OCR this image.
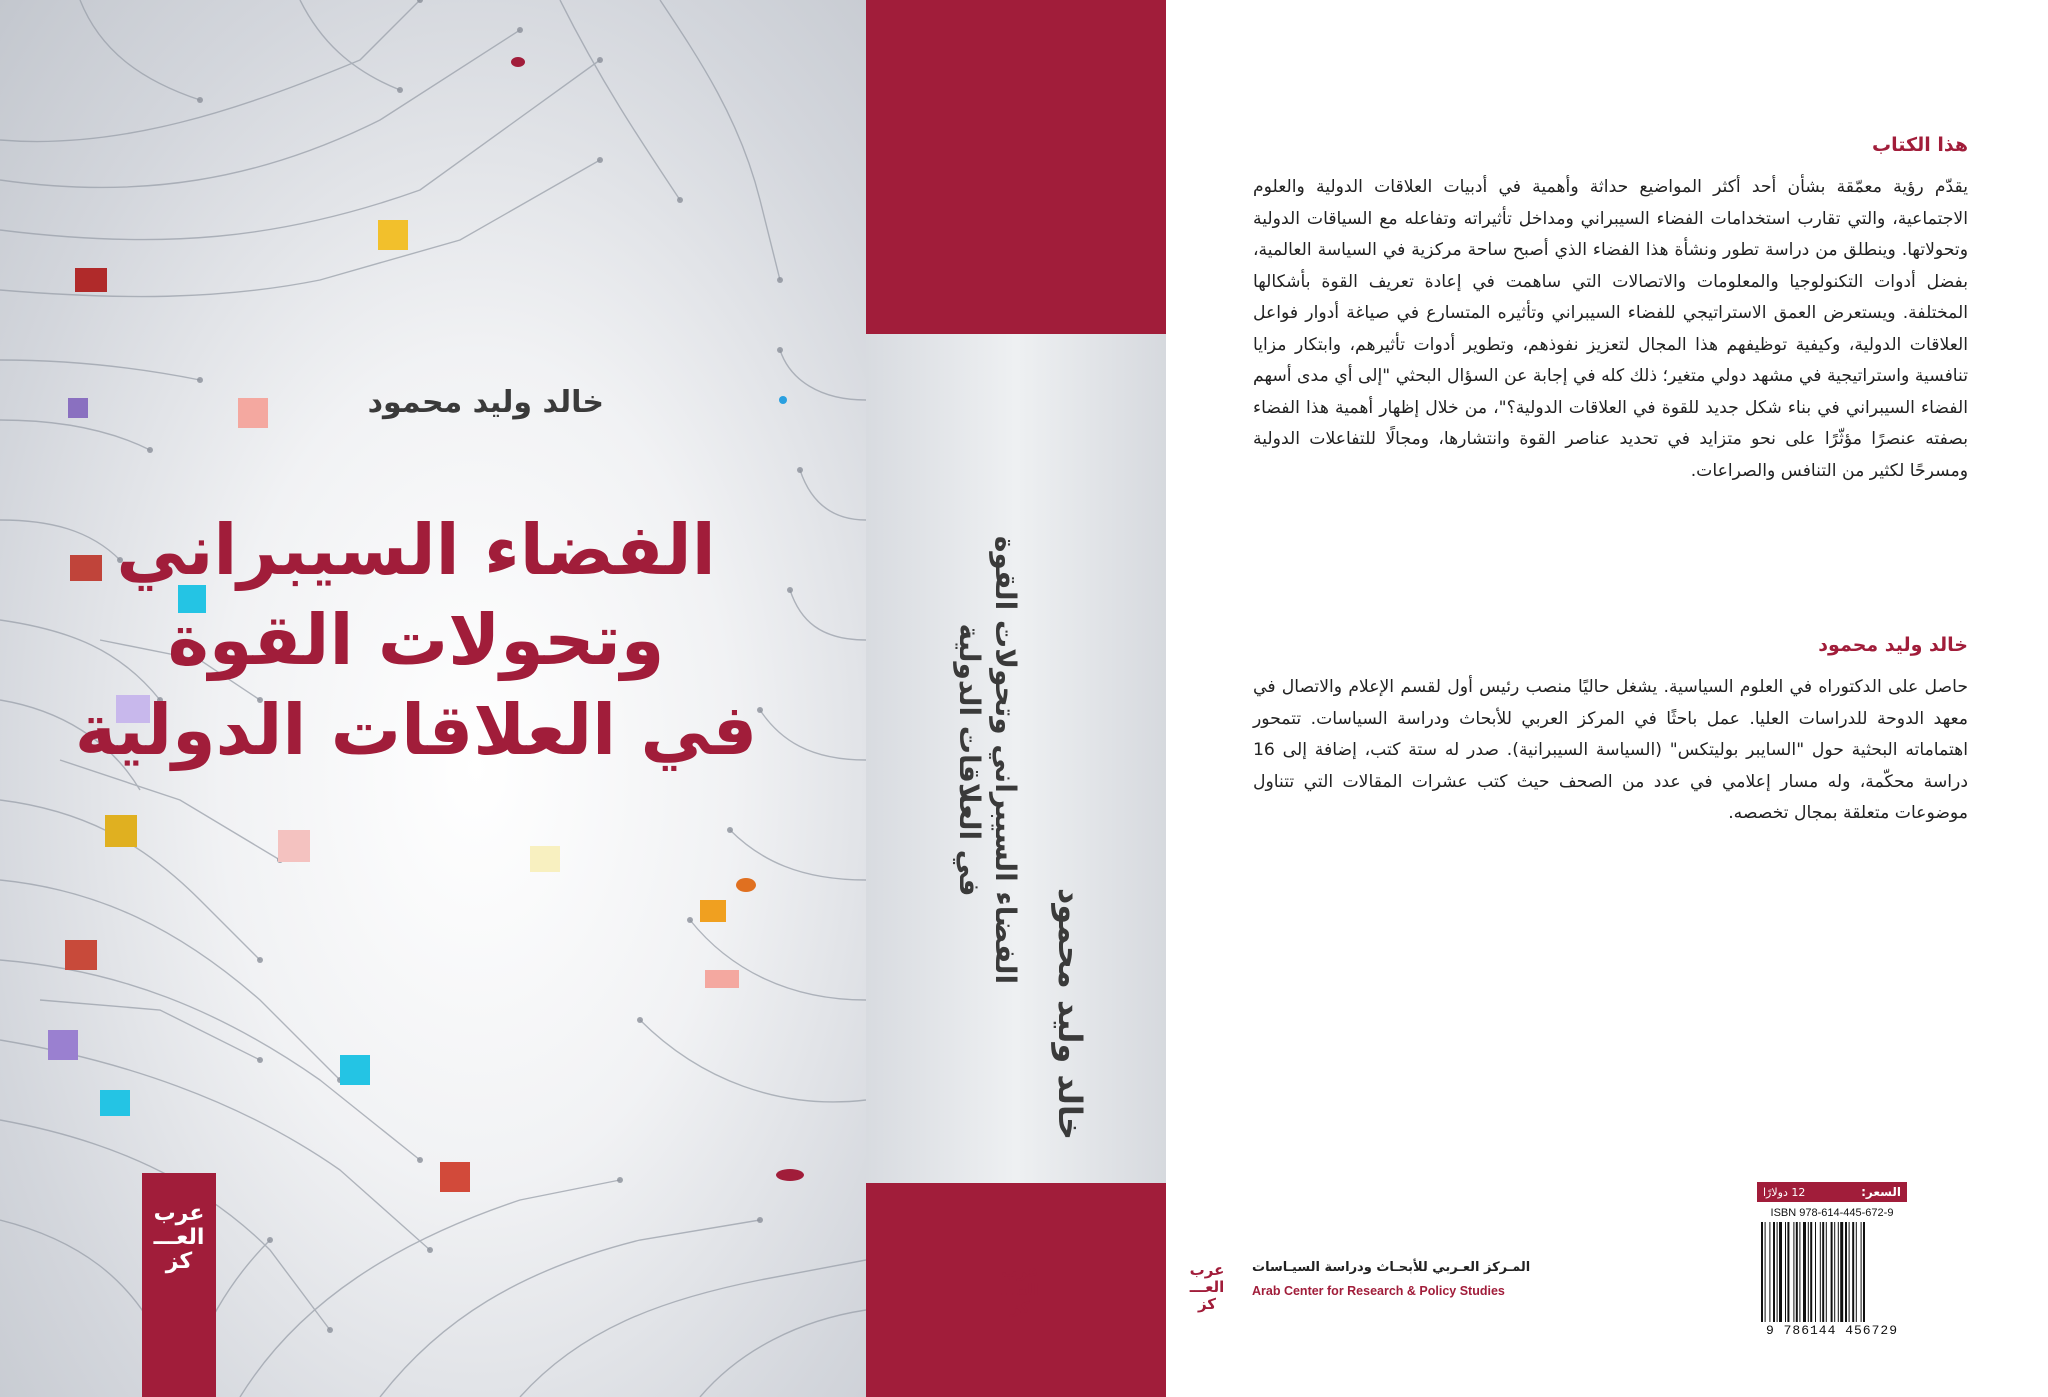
خالد وليد محمود
الفضاء السيبراني
وتحولات القوة
في العلاقات الدولية
عرب
العـــ
كز
خالد وليد محمود
الفضاء السيبراني وتحولات القوة
في العلاقات الدولية
عرب
العـــ
كز
هذا الكتاب
يقدّم رؤية معمّقة بشأن أحد أكثر المواضيع حداثة وأهمية في أدبيات العلاقات الدولية والعلوم الاجتماعية، والتي تقارب استخدامات الفضاء السيبراني ومداخل تأثيراته وتفاعله مع السياقات الدولية وتحولاتها. وينطلق من دراسة تطور ونشأة هذا الفضاء الذي أصبح ساحة مركزية في السياسة العالمية، بفضل أدوات التكنولوجيا والمعلومات والاتصالات التي ساهمت في إعادة تعريف القوة بأشكالها المختلفة. ويستعرض العمق الاستراتيجي للفضاء السيبراني وتأثيره المتسارع في صياغة أدوار فواعل العلاقات الدولية، وكيفية توظيفهم هذا المجال لتعزيز نفوذهم، وتطوير أدوات تأثيرهم، وابتكار مزايا تنافسية واستراتيجية في مشهد دولي متغير؛ ذلك كله في إجابة عن السؤال البحثي "إلى أي مدى أسهم الفضاء السيبراني في بناء شكل جديد للقوة في العلاقات الدولية؟"، من خلال إظهار أهمية هذا الفضاء بصفته عنصرًا مؤثّرًا على نحو متزايد في تحديد عناصر القوة وانتشارها، ومجالًا للتفاعلات الدولية ومسرحًا لكثير من التنافس والصراعات.
خالد وليد محمود
حاصل على الدكتوراه في العلوم السياسية. يشغل حاليًا منصب رئيس أول لقسم الإعلام والاتصال في معهد الدوحة للدراسات العليا. عمل باحثًا في المركز العربي للأبحاث ودراسة السياسات. تتمحور اهتماماته البحثية حول "السايبر بوليتكس" (السياسة السيبرانية). صدر له ستة كتب، إضافة إلى 16 دراسة محكّمة، وله مسار إعلامي في عدد من الصحف حيث كتب عشرات المقالات التي تتناول موضوعات متعلقة بمجال تخصصه.
عرب
العـــ
كز
المـركز العـربي للأبحـاث ودراسة السيـاسات
Arab Center for Research & Policy Studies
السعر:
12 دولارًا
ISBN 978-614-445-672-9
9 786144 456729
